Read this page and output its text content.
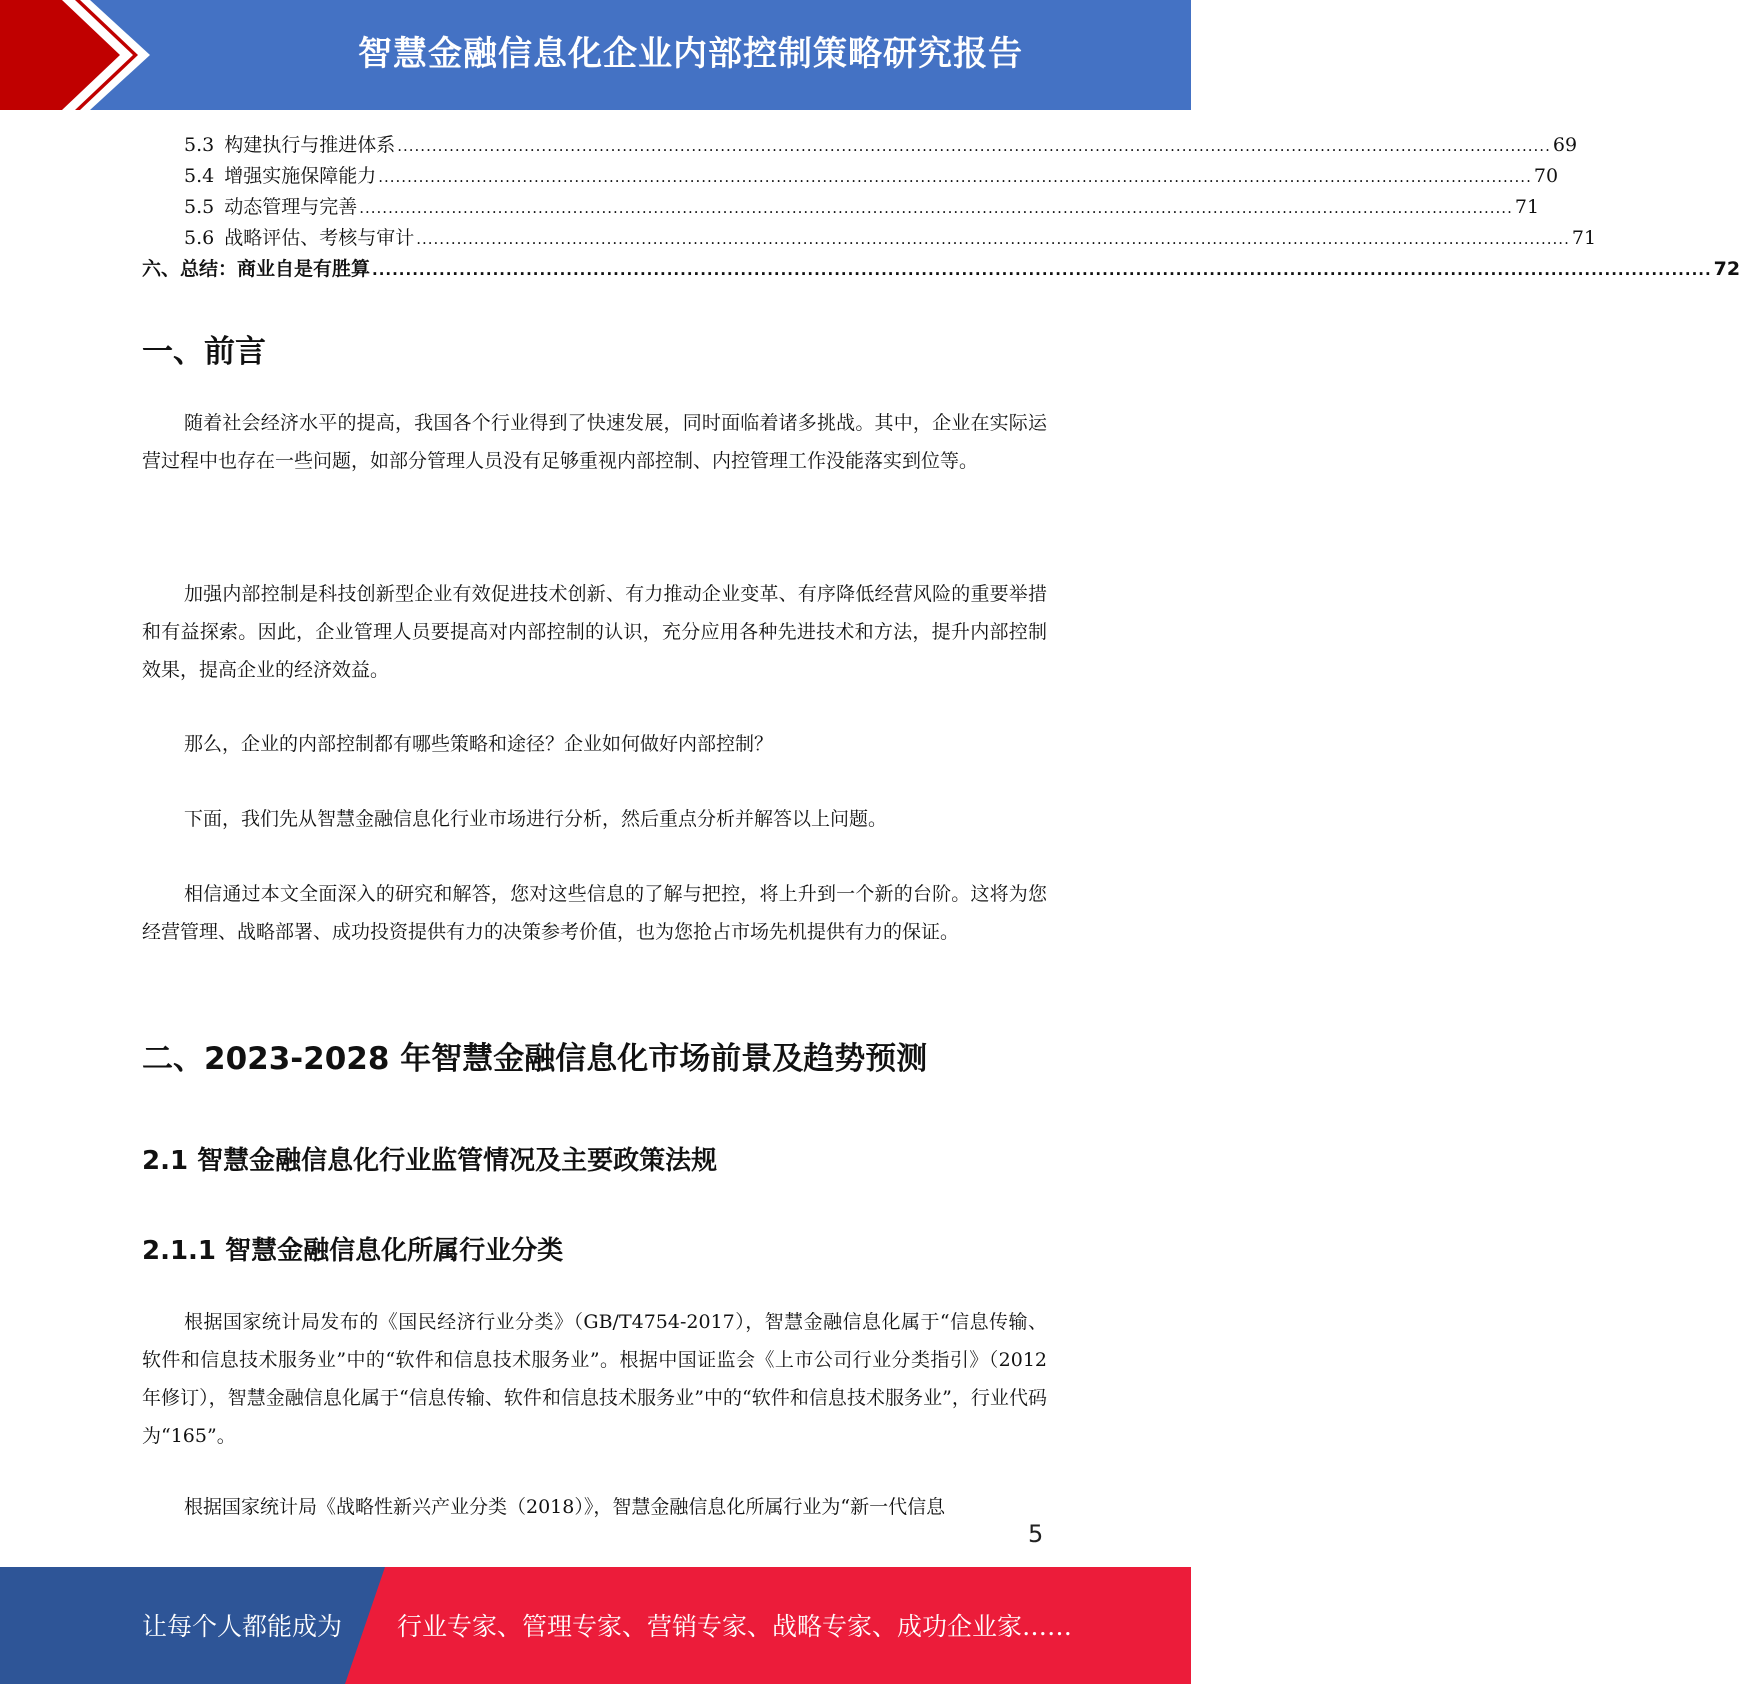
智慧金融信息化企业内部控制策略研究报告
5.3 构建执行与推进体系 ........................................................................................................................................................................................................ 69
5.4 增强实施保障能力 ........................................................................................................................................................................................................ 70
5.5 动态管理与完善 ........................................................................................................................................................................................................ 71
5.6 战略评估、考核与审计 ........................................................................................................................................................................................................ 71
六、总结：商业自是有胜算 ........................................................................................................................................................................................................ 72
一、前言

随着社会经济水平的提高，我国各个行业得到了快速发展，同时面临着诸多挑战。其中，企业在实际运营过程中也存在一些问题，如部分管理人员没有足够重视内部控制、内控管理工作没能落实到位等。

加强内部控制是科技创新型企业有效促进技术创新、有力推动企业变革、有序降低经营风险的重要举措和有益探索。因此，企业管理人员要提高对内部控制的认识，充分应用各种先进技术和方法，提升内部控制效果，提高企业的经济效益。

那么，企业的内部控制都有哪些策略和途径？企业如何做好内部控制？

下面，我们先从智慧金融信息化行业市场进行分析，然后重点分析并解答以上问题。

相信通过本文全面深入的研究和解答，您对这些信息的了解与把控，将上升到一个新的台阶。这将为您经营管理、战略部署、成功投资提供有力的决策参考价值，也为您抢占市场先机提供有力的保证。

二、2023-2028 年智慧金融信息化市场前景及趋势预测
2.1 智慧金融信息化行业监管情况及主要政策法规
2.1.1 智慧金融信息化所属行业分类

根据国家统计局发布的《国民经济行业分类》（GB/T4754-2017），智慧金融信息化属于“信息传输、软件和信息技术服务业”中的“软件和信息技术服务业”。根据中国证监会《上市公司行业分类指引》（2012 年修订），智慧金融信息化属于“信息传输、软件和信息技术服务业”中的“软件和信息技术服务业”，行业代码为“165”。

根据国家统计局《战略性新兴产业分类（2018）》，智慧金融信息化所属行业为“新一代信息

5
让每个人都能成为 行业专家、管理专家、营销专家、战略专家、成功企业家……
